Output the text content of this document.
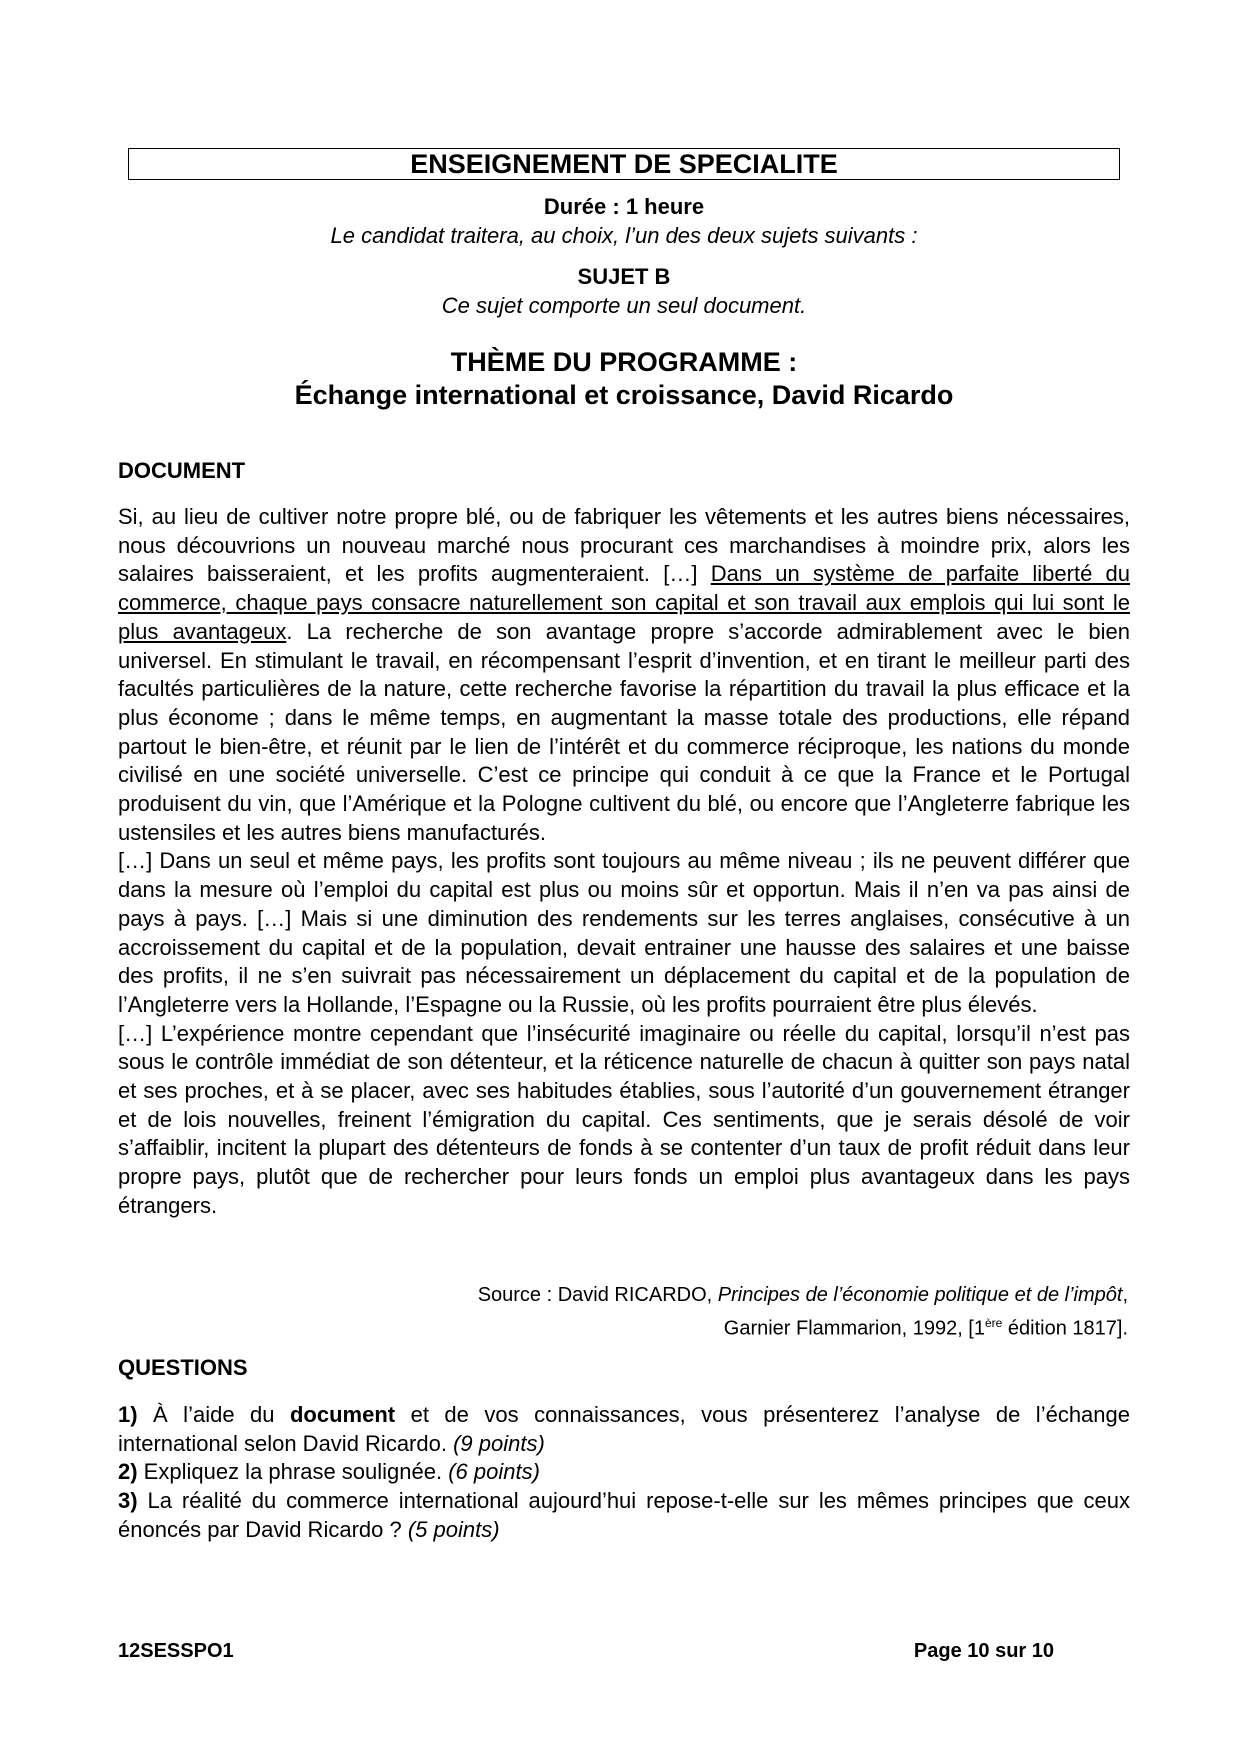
ENSEIGNEMENT DE SPECIALITE
Durée : 1 heure
Le candidat traitera, au choix, l’un des deux sujets suivants :
SUJET B
Ce sujet comporte un seul document.
THÈME DU PROGRAMME :
Échange international et croissance, David Ricardo
DOCUMENT

Si, au lieu de cultiver notre propre blé, ou de fabriquer les vêtements et les autres biens nécessaires, nous découvrions un nouveau marché nous procurant ces marchandises à moindre prix, alors les salaires baisseraient, et les profits augmenteraient. […] Dans un système de parfaite liberté du commerce, chaque pays consacre naturellement son capital et son travail aux emplois qui lui sont le plus avantageux. La recherche de son avantage propre s’accorde admirablement avec le bien universel. En stimulant le travail, en récompensant l’esprit d’invention, et en tirant le meilleur parti des facultés particulières de la nature, cette recherche favorise la répartition du travail la plus efficace et la plus économe ; dans le même temps, en augmentant la masse totale des productions, elle répand partout le bien-être, et réunit par le lien de l’intérêt et du commerce réciproque, les nations du monde civilisé en une société universelle. C’est ce principe qui conduit à ce que la France et le Portugal produisent du vin, que l’Amérique et la Pologne cultivent du blé, ou encore que l’Angleterre fabrique les ustensiles et les autres biens manufacturés.

[…] Dans un seul et même pays, les profits sont toujours au même niveau ; ils ne peuvent différer que dans la mesure où l’emploi du capital est plus ou moins sûr et opportun. Mais il n’en va pas ainsi de pays à pays. […] Mais si une diminution des rendements sur les terres anglaises, consécutive à un accroissement du capital et de la population, devait entrainer une hausse des salaires et une baisse des profits, il ne s’en suivrait pas nécessairement un déplacement du capital et de la population de l’Angleterre vers la Hollande, l’Espagne ou la Russie, où les profits pourraient être plus élevés.

[…] L’expérience montre cependant que l’insécurité imaginaire ou réelle du capital, lorsqu’il n’est pas sous le contrôle immédiat de son détenteur, et la réticence naturelle de chacun à quitter son pays natal et ses proches, et à se placer, avec ses habitudes établies, sous l’autorité d’un gouvernement étranger et de lois nouvelles, freinent l’émigration du capital. Ces sentiments, que je serais désolé de voir s’affaiblir, incitent la plupart des détenteurs de fonds à se contenter d’un taux de profit réduit dans leur propre pays, plutôt que de rechercher pour leurs fonds un emploi plus avantageux dans les pays étrangers.

Source : David RICARDO, Principes de l’économie politique et de l’impôt,
Garnier Flammarion, 1992, [1ère édition 1817].
QUESTIONS

1) À l’aide du document et de vos connaissances, vous présenterez l’analyse de l’échange international selon David Ricardo. (9 points)

2) Expliquez la phrase soulignée. (6 points)

3) La réalité du commerce international aujourd’hui repose-t-elle sur les mêmes principes que ceux énoncés par David Ricardo ? (5 points)

12SESSPO1	Page 10 sur 10
